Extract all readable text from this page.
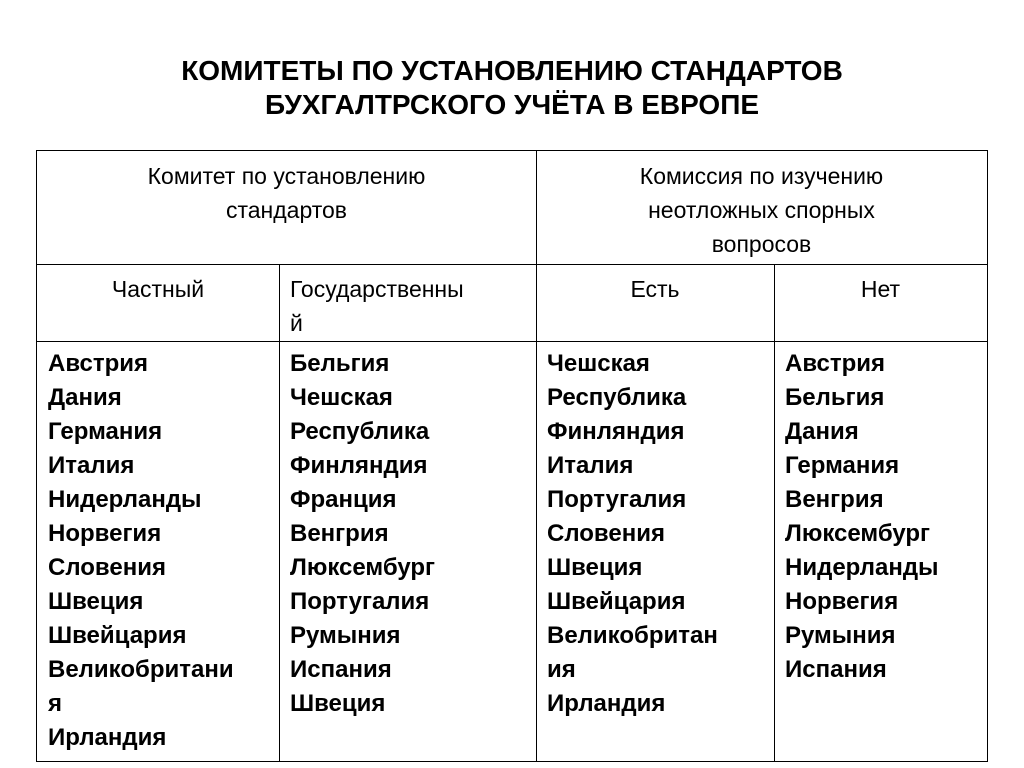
КОМИТЕТЫ ПО УСТАНОВЛЕНИЮ СТАНДАРТОВ
БУХГАЛТРСКОГО УЧЁТА В ЕВРОПЕ
Комитет по установлению
стандартов
Комиссия по изучению
неотложных спорных
вопросов
Частный	Государственны
й
Есть	Нет
Австрия
Дания
Германия
Италия
Нидерланды
Норвегия
Словения
Швеция
Швейцария
Великобритани
я
Ирландия
Бельгия
Чешская
Республика
Финляндия
Франция
Венгрия
Люксембург
Португалия
Румыния
Испания
Швеция
Чешская
Республика
Финляндия
Италия
Португалия
Словения
Швеция
Швейцария
Великобритан
ия
Ирландия
Австрия
Бельгия
Дания
Германия
Венгрия
Люксембург
Нидерланды
Норвегия
Румыния
Испания
